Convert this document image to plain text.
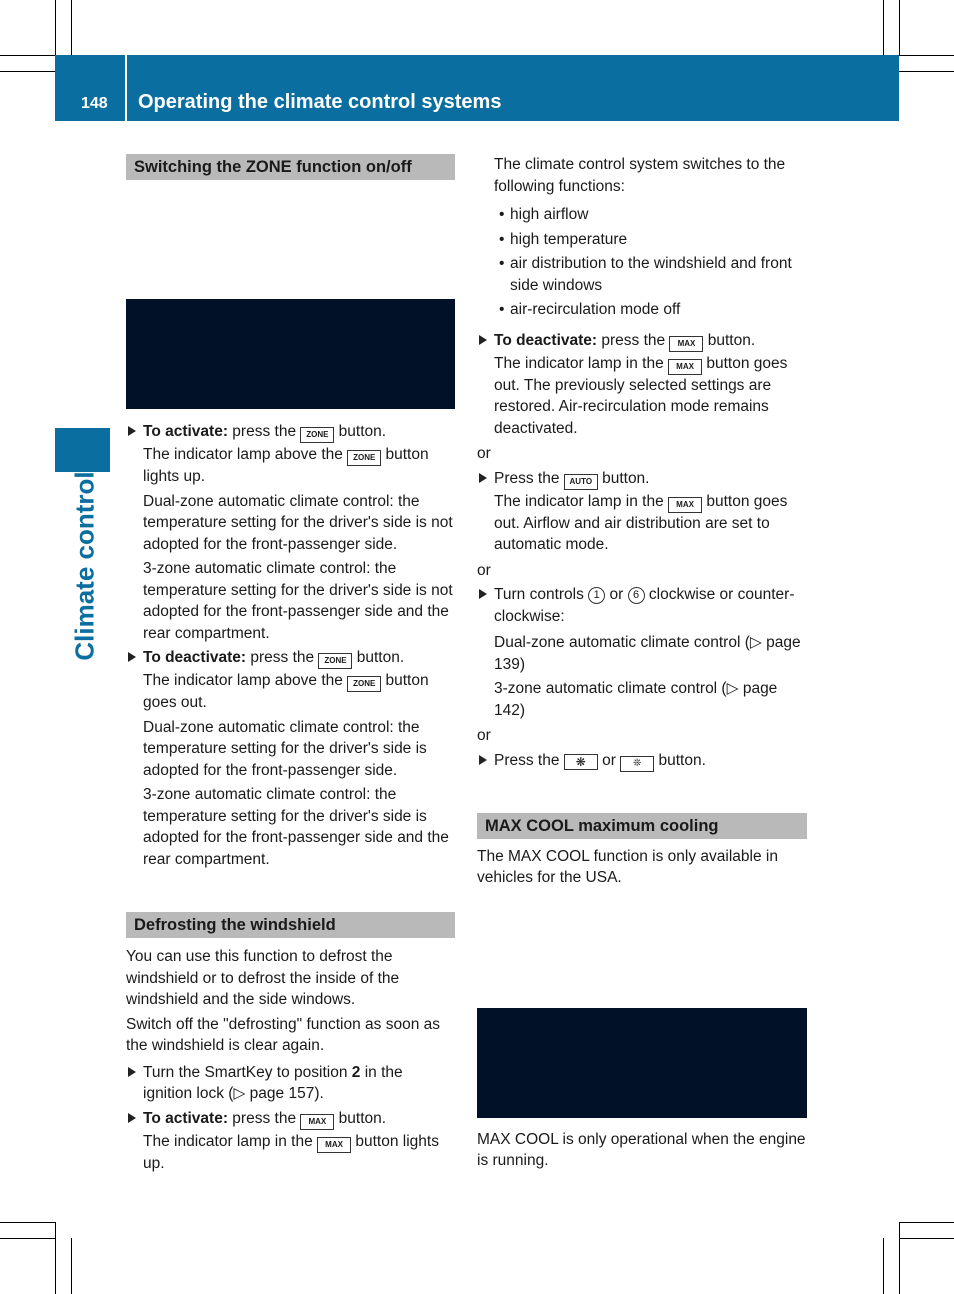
148 Operating the climate control systems
Climate control
Switching the ZONE function on/off

To activate: press the ZONE button.

The indicator lamp above the ZONE button lights up.

Dual-zone automatic climate control: the temperature setting for the driver's side is not adopted for the front-passenger side.

3-zone automatic climate control: the temperature setting for the driver's side is not adopted for the front-passenger side and the rear compartment.

To deactivate: press the ZONE button.

The indicator lamp above the ZONE button goes out.

Dual-zone automatic climate control: the temperature setting for the driver's side is adopted for the front-passenger side.

3-zone automatic climate control: the temperature setting for the driver's side is adopted for the front-passenger side and the rear compartment.

Defrosting the windshield

You can use this function to defrost the windshield or to defrost the inside of the windshield and the side windows.

Switch off the "defrosting" function as soon as the windshield is clear again.

Turn the SmartKey to position 2 in the ignition lock (▷ page 157).

To activate: press the MAX button.

The indicator lamp in the MAX button lights up.

The climate control system switches to the following functions:

• high airflow

• high temperature

• air distribution to the windshield and front side windows

• air-recirculation mode off

To deactivate: press the MAX button.

The indicator lamp in the MAX button goes out. The previously selected settings are restored. Air-recirculation mode remains deactivated.

or

Press the AUTO button.

The indicator lamp in the MAX button goes out. Airflow and air distribution are set to automatic mode.

or

Turn controls 1 or 6 clockwise or counter-clockwise:

Dual-zone automatic climate control (▷ page 139)

3-zone automatic climate control (▷ page 142)

or

Press the ❋ or ❊ button.

MAX COOL maximum cooling

The MAX COOL function is only available in vehicles for the USA.

MAX COOL is only operational when the engine is running.
